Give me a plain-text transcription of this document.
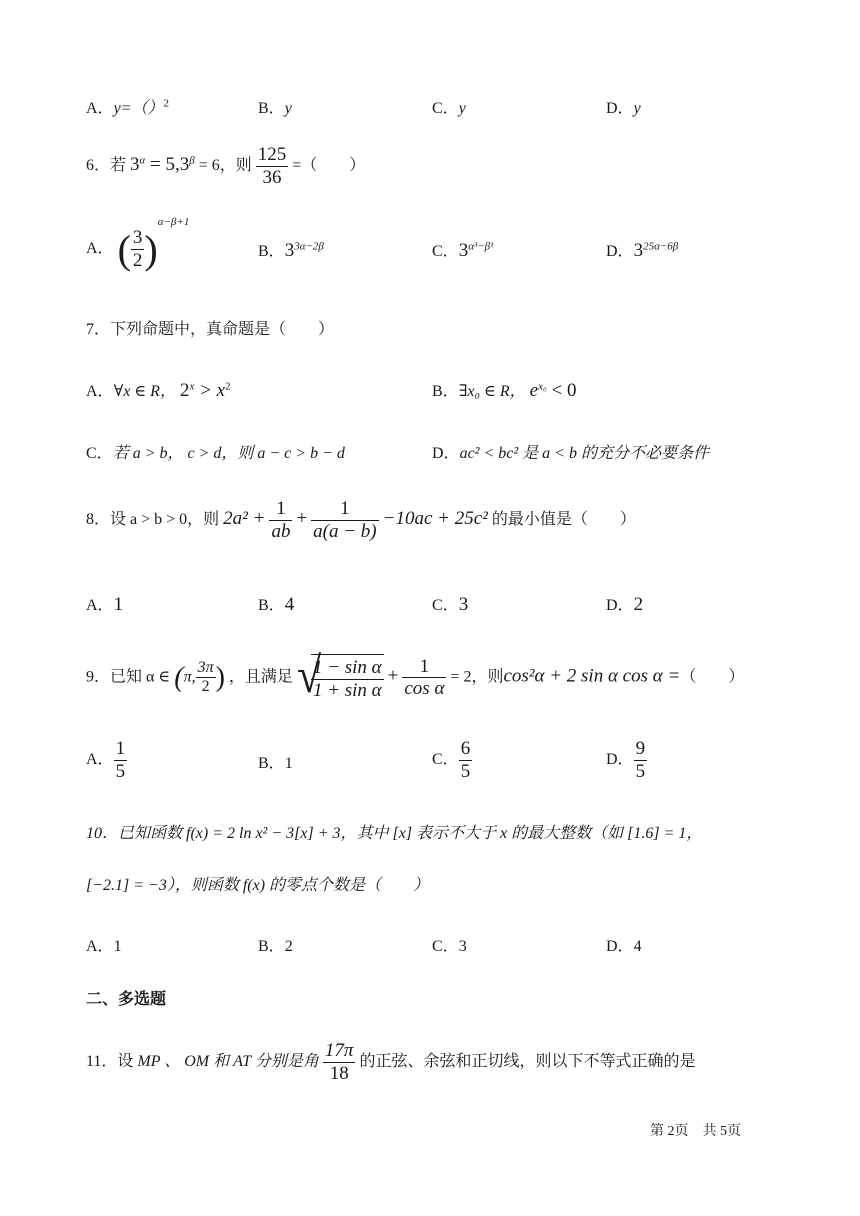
A．y=（）$^2$	B．y	C．y	D．y
6．若 $3^\alpha = 5,3^\beta = 6$，则 $\frac{125}{36}$ =（　　）
A． ( $\frac{3}{2} )^{\alpha-\beta+1}$
B．$3^{3\alpha-2\beta}$	C．$3^{\alpha^3-\beta^1}$	D．$3^{25\alpha-6\beta}$
7．下列命题中，真命题是（　　）
A．∀x ∈ R， $2^x > x^2$	B．∃x₀ ∈ R， $e^{x_0} < 0$
C．若 a > b， c > d，则 a − c > b − d	D．ac² < bc² 是 a < b 的充分不必要条件
8．设 a > b > 0，则 $2a^2 + \frac{1}{ab} + \frac{1}{a(a - b)} -10ac + 25c^2$ 的最小值是（　　）
A．1	B．4	C．3	D．2
9．已知 α ∈ (π, $\frac{3\pi}{2}$ ) ，且满足 √
$\frac{\text{1 − sin α}}{\text{1 + sin α}} + \frac{1}{\text{cos α}} = 2$，则cos²α + 2 sin α cos α =（　　）
A． $\frac{1}{5}$	B．1	C． $\frac{6}{5}$	D． $\frac{9}{5}$
10．已知函数 f(x) = 2 ln x² − 3[x] + 3，其中 [x] 表示不大于 x 的最大整数（如 [1.6] = 1，
[−2.1] = −3），则函数 f(x) 的零点个数是（　　）
A．1	B．2	C．3	D．4
二、多选题
11．设 MP 、 OM 和 AT 分别是角 $\frac{17\pi}{18}$ 的正弦、余弦和正切线，则以下不等式正确的是
第 2页　共 5页
